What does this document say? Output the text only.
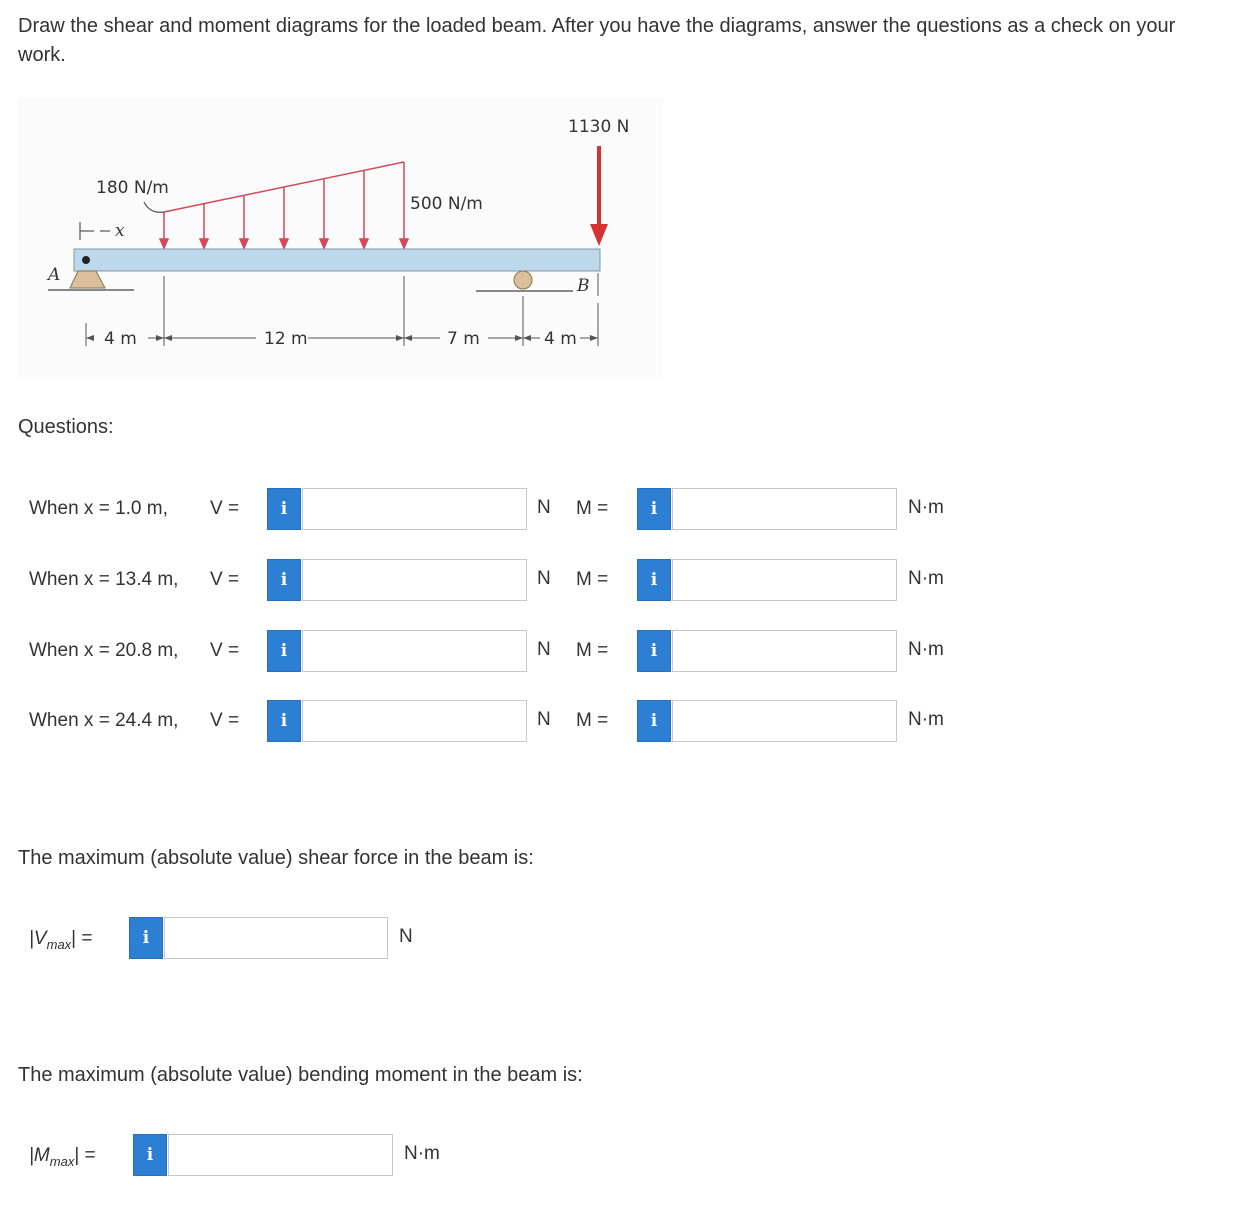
Draw the shear and moment diagrams for the loaded beam. After you have the diagrams, answer the questions as a check on your work.
180 N/m
500 N/m
1130 N
x
A
B
4 m	12 m	7 m	4 m
Questions:
When x = 1.0 m, V =	i	N M =	i	N·m
When x = 13.4 m, V =	i	N M =	i	N·m
When x = 20.8 m, V =	i	N M =	i	N·m
When x = 24.4 m, V =	i	N M =	i	N·m
The maximum (absolute value) shear force in the beam is:
$|V_{max}|$ =	i	N
The maximum (absolute value) bending moment in the beam is:
$|M_{max}|$ =	i	N·m
